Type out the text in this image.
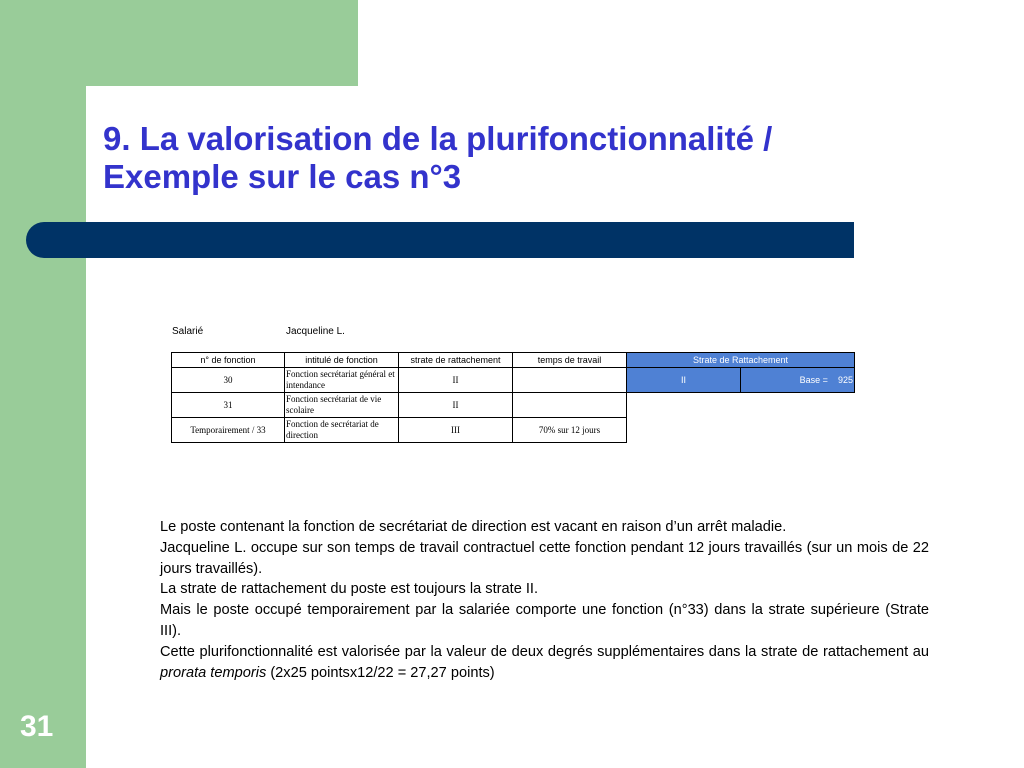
9. La valorisation de la plurifonctionnalité /
Exemple sur le cas n°3
Salarié	Jacqueline L.
n° de fonction	intitulé de fonction	strate de rattachement	temps de travail	Strate de Rattachement	
30	Fonction secrétariat général et intendance	II		II	Base = 925
31	Fonction secrétariat de vie scolaire	II			
Temporairement / 33	Fonction de secrétariat de direction	III	70% sur 12 jours		

Le poste contenant la fonction de secrétariat de direction est vacant en raison d’un arrêt maladie.

Jacqueline L. occupe sur son temps de travail contractuel cette fonction pendant 12 jours travaillés (sur un mois de 22 jours travaillés).

La strate de rattachement du poste est toujours la strate II.

Mais le poste occupé temporairement par la salariée comporte une fonction (n°33) dans la strate supérieure (Strate III).

Cette plurifonctionnalité est valorisée par la valeur de deux degrés supplémentaires dans la strate de rattachement au prorata temporis (2x25 pointsx12/22 = 27,27 points)

31
